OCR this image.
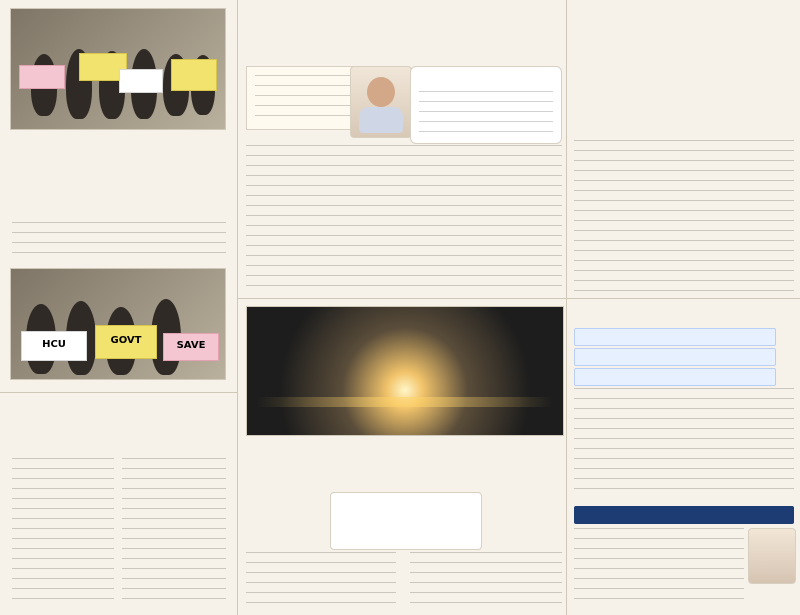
HCU	GOVT	SAVE
